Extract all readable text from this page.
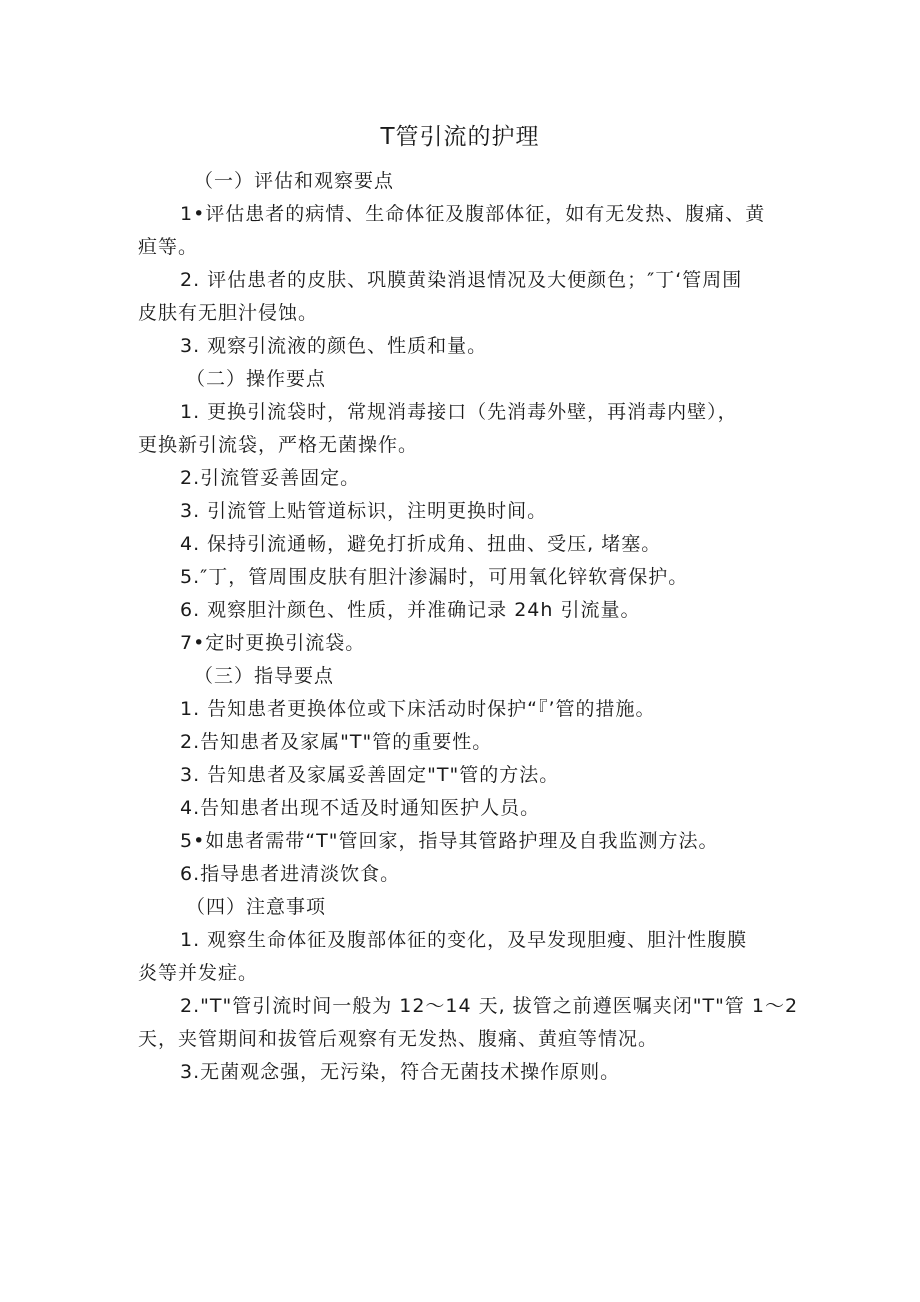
T管引流的护理

（一）评估和观察要点

1•评估患者的病情、生命体征及腹部体征，如有无发热、腹痛、黄

疸等。

2. 评估患者的皮肤、巩膜黄染消退情况及大便颜色；″丁‘管周围

皮肤有无胆汁侵蚀。

3. 观察引流液的颜色、性质和量。

（二）操作要点

1. 更换引流袋时，常规消毒接口（先消毒外壁，再消毒内壁），

更换新引流袋，严格无菌操作。

2.引流管妥善固定。

3. 引流管上贴管道标识，注明更换时间。

4. 保持引流通畅，避免打折成角、扭曲、受压, 堵塞。

5.″丁，管周围皮肤有胆汁渗漏时，可用氧化锌软膏保护。

6. 观察胆汁颜色、性质，并准确记录 24h 引流量。

7•定时更换引流袋。

（三）指导要点

1. 告知患者更换体位或下床活动时保护“『’管的措施。

2.告知患者及家属"T"管的重要性。

3. 告知患者及家属妥善固定"T"管的方法。

4.告知患者出现不适及时通知医护人员。

5•如患者需带“T"管回家，指导其管路护理及自我监测方法。

6.指导患者进清淡饮食。

（四）注意事项

1. 观察生命体征及腹部体征的变化，及早发现胆瘦、胆汁性腹膜

炎等并发症。

2."T"管引流时间一般为 12～14 天, 拔管之前遵医嘱夹闭"T"管 1～2

天，夹管期间和拔管后观察有无发热、腹痛、黄疸等情况。

3.无菌观念强，无污染，符合无菌技术操作原则。
